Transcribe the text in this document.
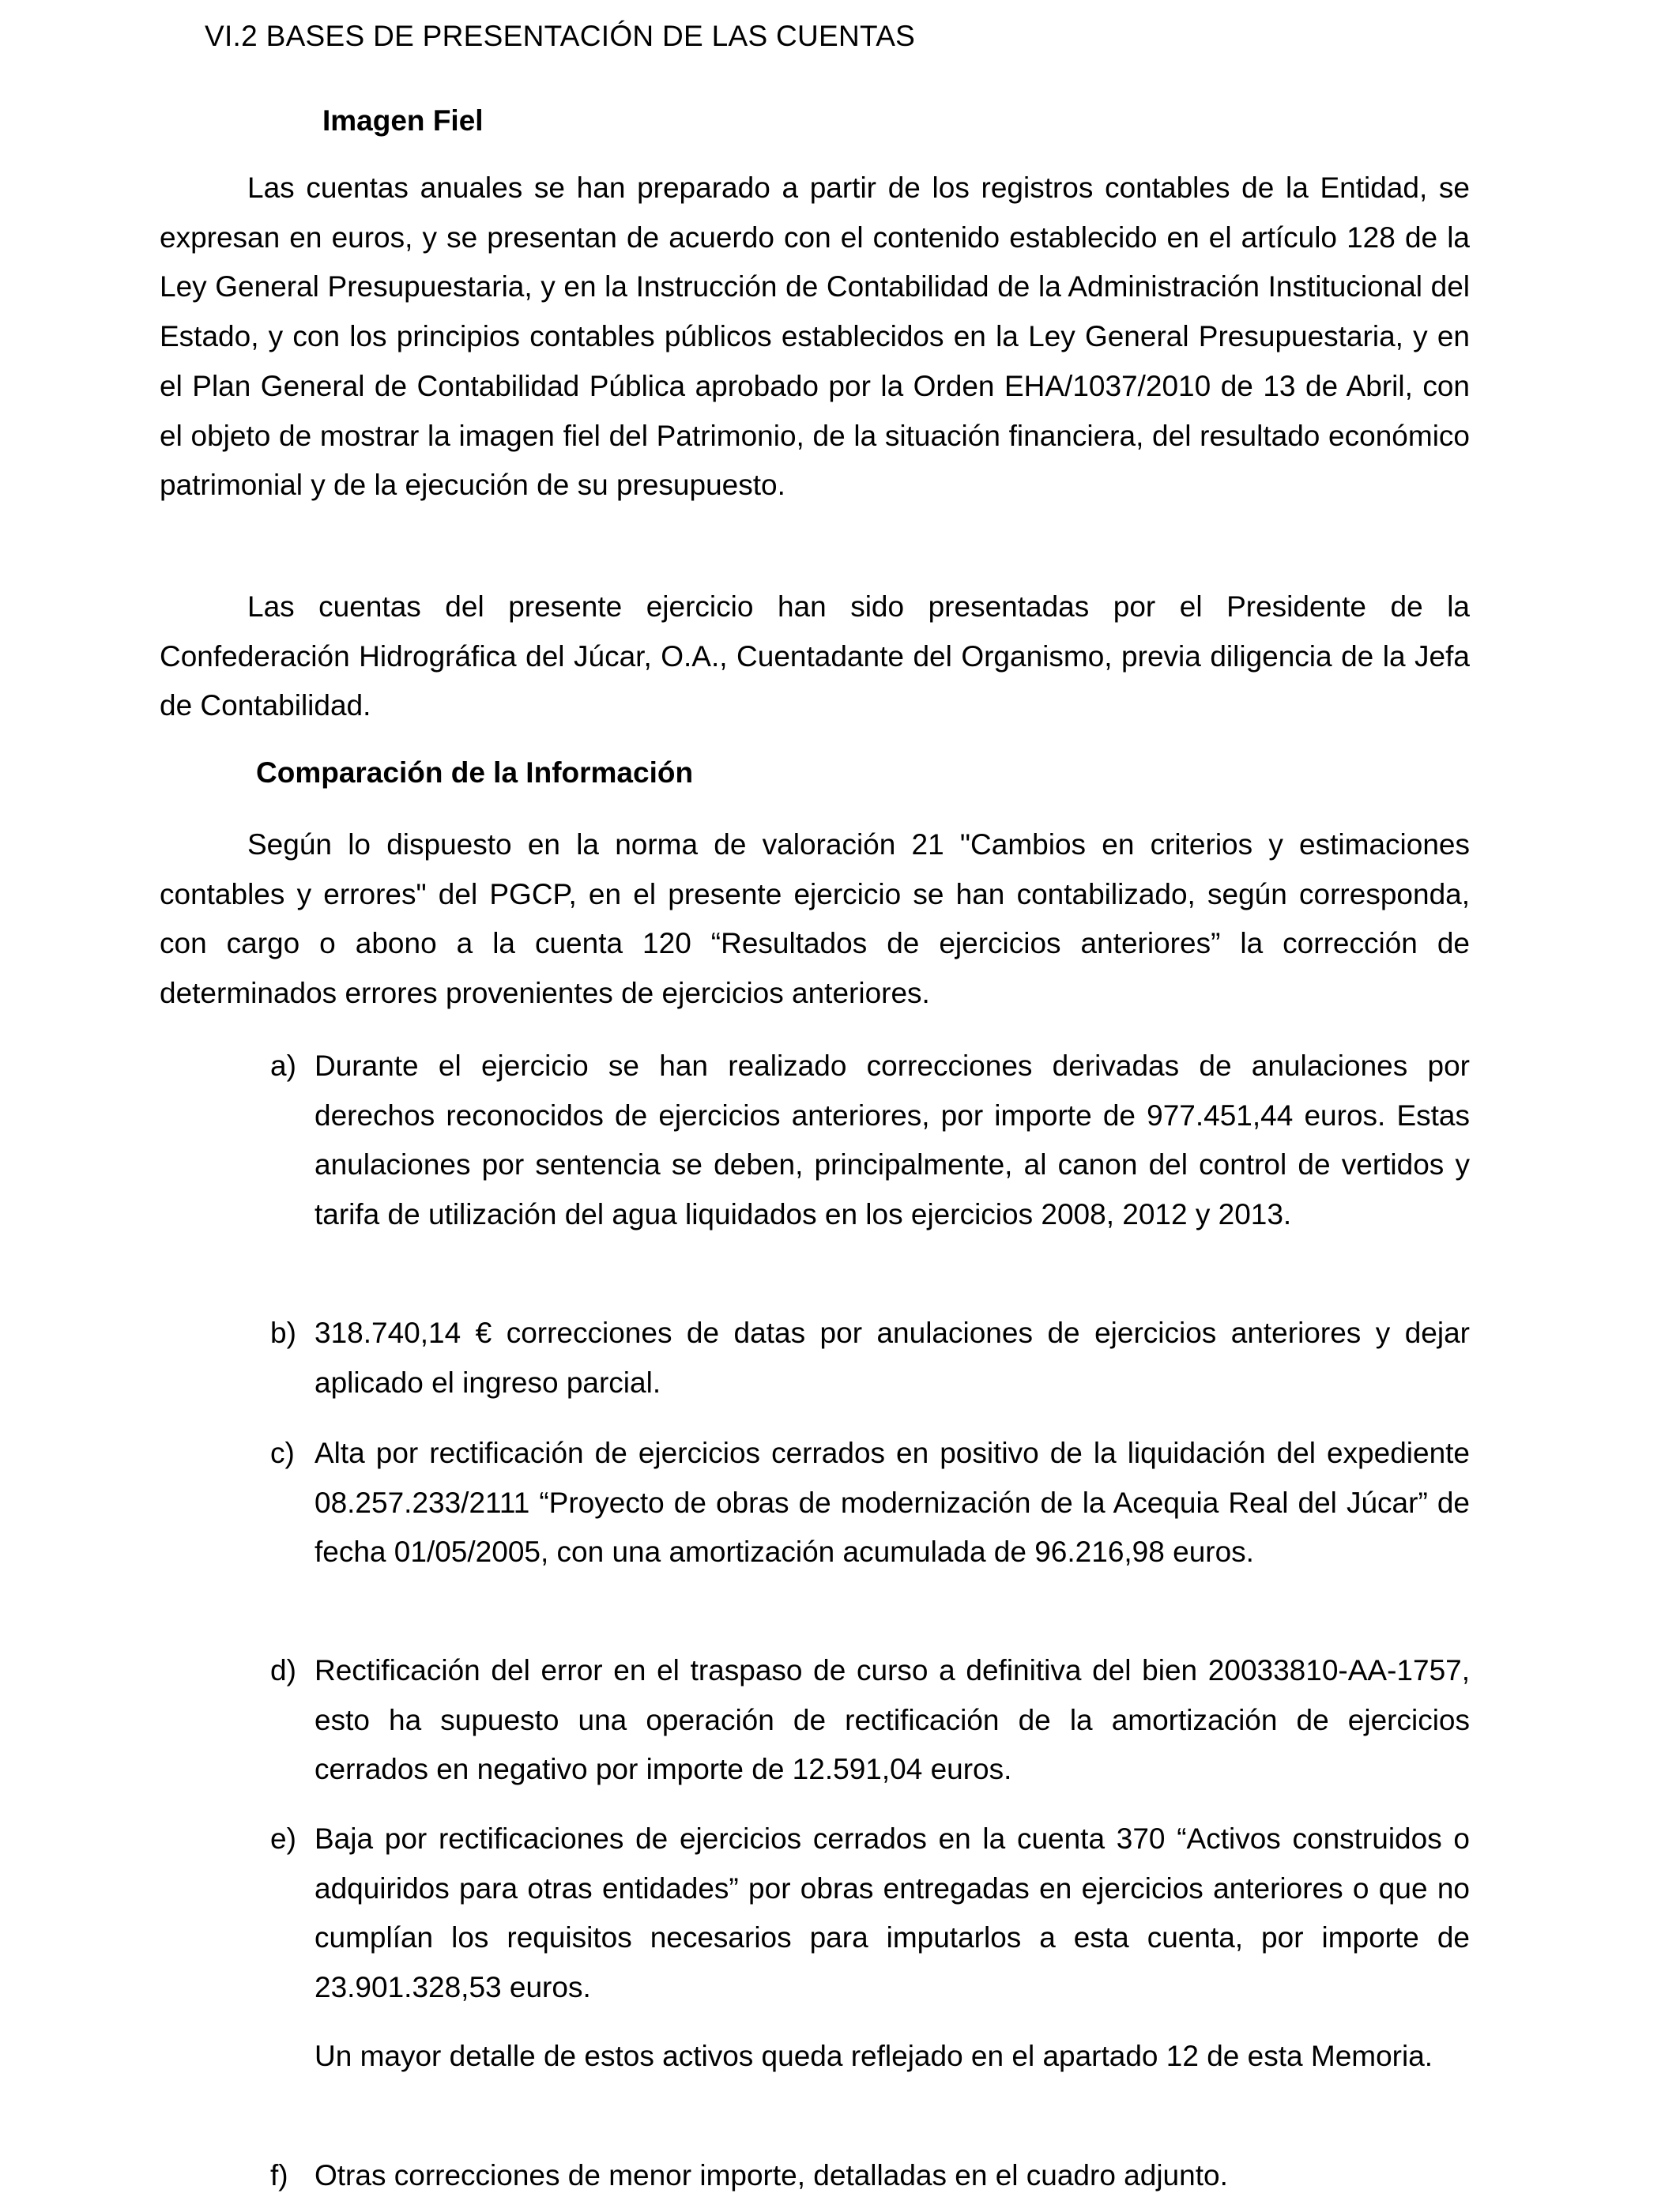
VI.2 BASES DE PRESENTACIÓN DE LAS CUENTAS
Imagen Fiel

Las cuentas anuales se han preparado a partir de los registros contables de la Entidad, se expresan en euros, y se presentan de acuerdo con el contenido establecido en el artículo 128 de la Ley General Presupuestaria, y en la Instrucción de Contabilidad de la Administración Institucional del Estado, y con los principios contables públicos establecidos en la Ley General Presupuestaria, y en el Plan General de Contabilidad Pública aprobado por la Orden EHA/1037/2010 de 13 de Abril, con el objeto de mostrar la imagen fiel del Patrimonio, de la situación financiera, del resultado económico patrimonial y de la ejecución de su presupuesto.

Las cuentas del presente ejercicio han sido presentadas por el Presidente de la Confederación Hidrográfica del Júcar, O.A., Cuentadante del Organismo, previa diligencia de la Jefa de Contabilidad.

Comparación de la Información

Según lo dispuesto en la norma de valoración 21 "Cambios en criterios y estimaciones contables y errores" del PGCP, en el presente ejercicio se han contabilizado, según corresponda, con cargo o abono a la cuenta 120 “Resultados de ejercicios anteriores” la corrección de determinados errores provenientes de ejercicios anteriores.

a) Durante el ejercicio se han realizado correcciones derivadas de anulaciones por derechos reconocidos de ejercicios anteriores, por importe de 977.451,44 euros. Estas anulaciones por sentencia se deben, principalmente, al canon del control de vertidos y tarifa de utilización del agua liquidados en los ejercicios 2008, 2012 y 2013.

b) 318.740,14 € correcciones de datas por anulaciones de ejercicios anteriores y dejar aplicado el ingreso parcial.

c) Alta por rectificación de ejercicios cerrados en positivo de la liquidación del expediente 08.257.233/2111 “Proyecto de obras de modernización de la Acequia Real del Júcar” de fecha 01/05/2005, con una amortización acumulada de 96.216,98 euros.

d) Rectificación del error en el traspaso de curso a definitiva del bien 20033810-AA-1757, esto ha supuesto una operación de rectificación de la amortización de ejercicios cerrados en negativo por importe de 12.591,04 euros.

e) Baja por rectificaciones de ejercicios cerrados en la cuenta 370 “Activos construidos o adquiridos para otras entidades” por obras entregadas en ejercicios anteriores o que no cumplían los requisitos necesarios para imputarlos a esta cuenta, por importe de 23.901.328,53 euros.

Un mayor detalle de estos activos queda reflejado en el apartado 12 de esta Memoria.

f) Otras correcciones de menor importe, detalladas en el cuadro adjunto.
